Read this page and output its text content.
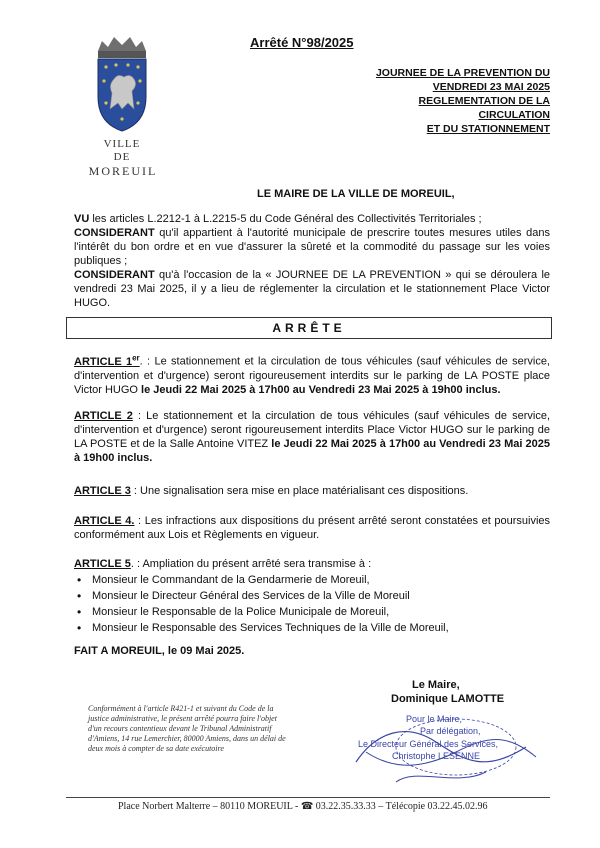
VILLE
DE
MOREUIL
Arrêté N°98/2025
JOURNEE DE LA PREVENTION DU
VENDREDI 23 MAI 2025
REGLEMENTATION DE LA CIRCULATION
ET DU STATIONNEMENT
LE MAIRE DE LA VILLE DE MOREUIL,
VU les articles L.2212-1 à L.2215-5 du Code Général des Collectivités Territoriales ;
CONSIDERANT qu'il appartient à l'autorité municipale de prescrire toutes mesures utiles dans l'intérêt du bon ordre et en vue d'assurer la sûreté et la commodité du passage sur les voies publiques ;
CONSIDERANT qu'à l'occasion de la « JOURNEE DE LA PREVENTION » qui se déroulera le vendredi 23 Mai 2025, il y a lieu de réglementer la circulation et le stationnement Place Victor HUGO.
ARRÊTE
ARTICLE 1er. : Le stationnement et la circulation de tous véhicules (sauf véhicules de service, d'intervention et d'urgence) seront rigoureusement interdits sur le parking de LA POSTE place Victor HUGO le Jeudi 22 Mai 2025 à 17h00 au Vendredi 23 Mai 2025 à 19h00 inclus.
ARTICLE 2 : Le stationnement et la circulation de tous véhicules (sauf véhicules de service, d'intervention et d'urgence) seront rigoureusement interdits Place Victor HUGO sur le parking de LA POSTE et de la Salle Antoine VITEZ le Jeudi 22 Mai 2025 à 17h00 au Vendredi 23 Mai 2025 à 19h00 inclus.
ARTICLE 3 : Une signalisation sera mise en place matérialisant ces dispositions.
ARTICLE 4. : Les infractions aux dispositions du présent arrêté seront constatées et poursuivies conformément aux Lois et Règlements en vigueur.
ARTICLE 5. : Ampliation du présent arrêté sera transmise à :
• Monsieur le Commandant de la Gendarmerie de Moreuil,
• Monsieur le Directeur Général des Services de la Ville de Moreuil
• Monsieur le Responsable de la Police Municipale de Moreuil,
• Monsieur le Responsable des Services Techniques de la Ville de Moreuil,
FAIT A MOREUIL, le 09 Mai 2025.
Le Maire,
Dominique LAMOTTE
Conformément à l'article R421-1 et suivant du Code de la justice administrative, le présent arrêté pourra faire l'objet d'un recours contentieux devant le Tribunal Administratif d'Amiens, 14 rue Lemerchier, 80000 Amiens, dans un délai de deux mois à compter de sa date exécutoire
Pour le Maire,
Par délégation,
Le Directeur Général des Services,
Christophe LESENNE
Place Norbert Malterre – 80110 MOREUIL - ☎ 03.22.35.33.33 – Télécopie 03.22.45.02.96
